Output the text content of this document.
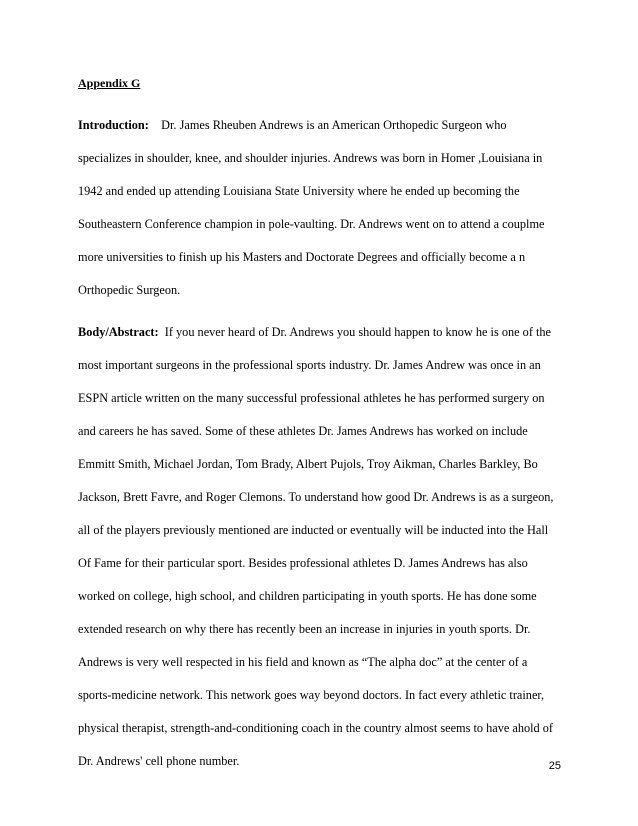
Appendix G
Introduction: Dr. James Rheuben Andrews is an American Orthopedic Surgeon who
specializes in shoulder, knee, and shoulder injuries. Andrews was born in Homer ,Louisiana in
1942 and ended up attending Louisiana State University where he ended up becoming the
Southeastern Conference champion in pole-vaulting. Dr. Andrews went on to attend a couplme
more universities to finish up his Masters and Doctorate Degrees and officially become a n
Orthopedic Surgeon.
Body/Abstract: If you never heard of Dr. Andrews you should happen to know he is one of the
most important surgeons in the professional sports industry. Dr. James Andrew was once in an
ESPN article written on the many successful professional athletes he has performed surgery on
and careers he has saved. Some of these athletes Dr. James Andrews has worked on include
Emmitt Smith, Michael Jordan, Tom Brady, Albert Pujols, Troy Aikman, Charles Barkley, Bo
Jackson, Brett Favre, and Roger Clemons. To understand how good Dr. Andrews is as a surgeon,
all of the players previously mentioned are inducted or eventually will be inducted into the Hall
Of Fame for their particular sport. Besides professional athletes D. James Andrews has also
worked on college, high school, and children participating in youth sports. He has done some
extended research on why there has recently been an increase in injuries in youth sports. Dr.
Andrews is very well respected in his field and known as “The alpha doc” at the center of a
sports-medicine network. This network goes way beyond doctors. In fact every athletic trainer,
physical therapist, strength-and-conditioning coach in the country almost seems to have ahold of
Dr. Andrews' cell phone number.	25
